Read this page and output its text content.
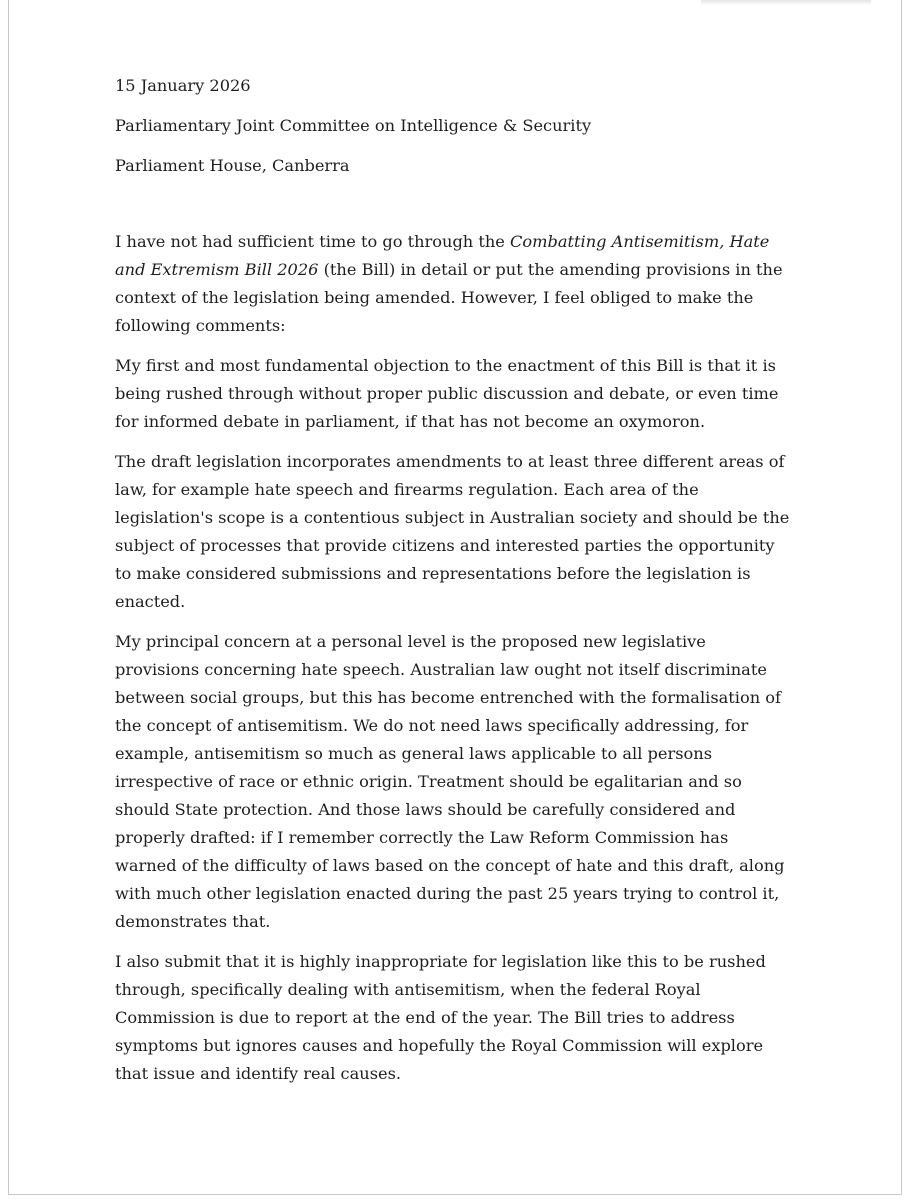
15 January 2026

Parliamentary Joint Committee on Intelligence & Security

Parliament House, Canberra

I have not had sufficient time to go through the Combatting Antisemitism, Hate and Extremism Bill 2026 (the Bill) in detail or put the amending provisions in the context of the legislation being amended. However, I feel obliged to make the following comments:

My first and most fundamental objection to the enactment of this Bill is that it is being rushed through without proper public discussion and debate, or even time for informed debate in parliament, if that has not become an oxymoron.

The draft legislation incorporates amendments to at least three different areas of law, for example hate speech and firearms regulation. Each area of the legislation's scope is a contentious subject in Australian society and should be the subject of processes that provide citizens and interested parties the opportunity to make considered submissions and representations before the legislation is enacted.

My principal concern at a personal level is the proposed new legislative provisions concerning hate speech. Australian law ought not itself discriminate between social groups, but this has become entrenched with the formalisation of the concept of antisemitism. We do not need laws specifically addressing, for example, antisemitism so much as general laws applicable to all persons irrespective of race or ethnic origin. Treatment should be egalitarian and so should State protection. And those laws should be carefully considered and properly drafted: if I remember correctly the Law Reform Commission has warned of the difficulty of laws based on the concept of hate and this draft, along with much other legislation enacted during the past 25 years trying to control it, demonstrates that.

I also submit that it is highly inappropriate for legislation like this to be rushed through, specifically dealing with antisemitism, when the federal Royal Commission is due to report at the end of the year. The Bill tries to address symptoms but ignores causes and hopefully the Royal Commission will explore that issue and identify real causes.
